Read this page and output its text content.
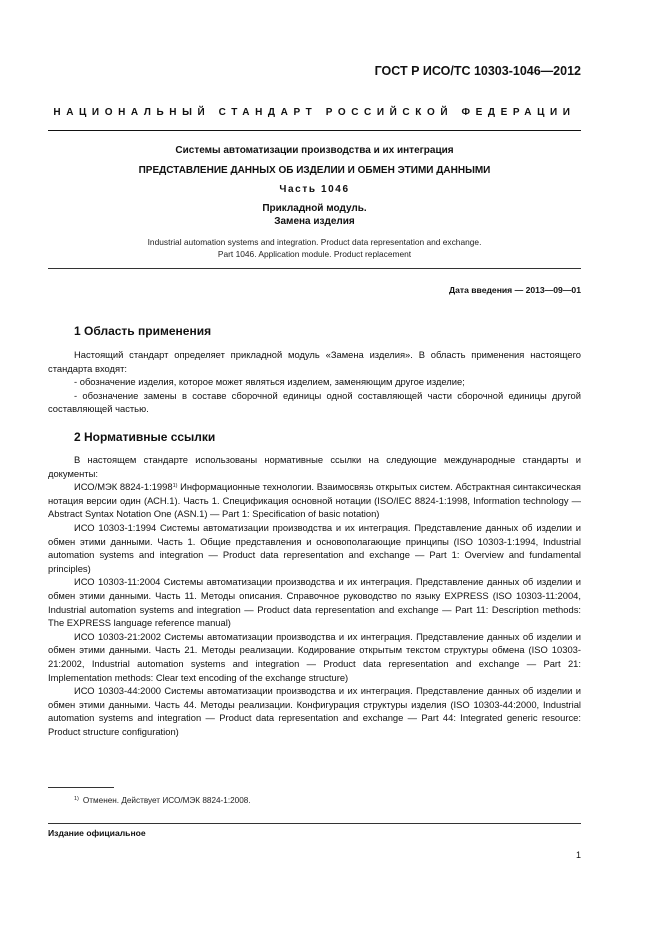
ГОСТ Р ИСО/ТС 10303-1046—2012
НАЦИОНАЛЬНЫЙ СТАНДАРТ РОССИЙСКОЙ ФЕДЕРАЦИИ
Системы автоматизации производства и их интеграция
ПРЕДСТАВЛЕНИЕ ДАННЫХ ОБ ИЗДЕЛИИ И ОБМЕН ЭТИМИ ДАННЫМИ
Часть 1046
Прикладной модуль.
Замена изделия
Industrial automation systems and integration. Product data representation and exchange.
Part 1046. Application module. Product replacement
Дата введения — 2013—09—01
1 Область применения

Настоящий стандарт определяет прикладной модуль «Замена изделия». В область применения настоящего стандарта входят:

- обозначение изделия, которое может являться изделием, заменяющим другое изделие;

- обозначение замены в составе сборочной единицы одной составляющей части сборочной единицы другой составляющей частью.

2 Нормативные ссылки

В настоящем стандарте использованы нормативные ссылки на следующие международные стандарты и документы:

ИСО/МЭК 8824-1:1998$^{1)}$ Информационные технологии. Взаимосвязь открытых систем. Абстрактная синтаксическая нотация версии один (АСН.1). Часть 1. Спецификация основной нотации (ISO/IEC 8824-1:1998, Information technology — Abstract Syntax Notation One (ASN.1) — Part 1: Specification of basic notation)

ИСО 10303-1:1994 Системы автоматизации производства и их интеграция. Представление данных об изделии и обмен этими данными. Часть 1. Общие представления и основополагающие принципы (ISO 10303-1:1994, Industrial automation systems and integration — Product data representation and exchange — Part 1: Overview and fundamental principles)

ИСО 10303-11:2004 Системы автоматизации производства и их интеграция. Представление данных об изделии и обмен этими данными. Часть 11. Методы описания. Справочное руководство по языку EXPRESS (ISO 10303-11:2004, Industrial automation systems and integration — Product data representation and exchange — Part 11: Description methods: The EXPRESS language reference manual)

ИСО 10303-21:2002 Системы автоматизации производства и их интеграция. Представление данных об изделии и обмен этими данными. Часть 21. Методы реализации. Кодирование открытым текстом структуры обмена (ISO 10303-21:2002, Industrial automation systems and integration — Product data representation and exchange — Part 21: Implementation methods: Clear text encoding of the exchange structure)

ИСО 10303-44:2000 Системы автоматизации производства и их интеграция. Представление данных об изделии и обмен этими данными. Часть 44. Методы реализации. Конфигурация структуры изделия (ISO 10303-44:2000, Industrial automation systems and integration — Product data representation and exchange — Part 44: Integrated generic resource: Product structure configuration)

$^{1)}$ Отменен. Действует ИСО/МЭК 8824-1:2008.
Издание официальное
1
